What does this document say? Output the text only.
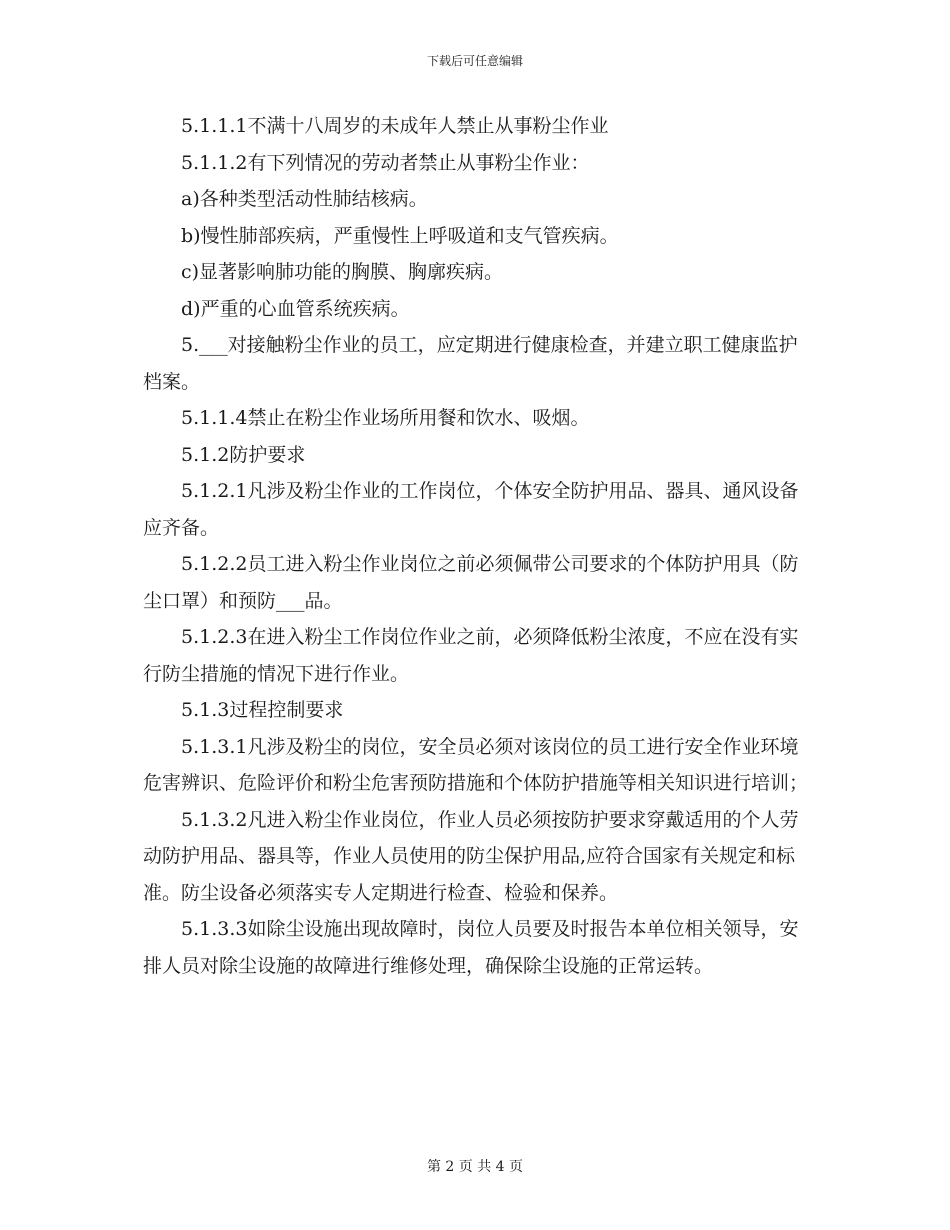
下载后可任意编辑

5.1.1.1不满十八周岁的未成年人禁止从事粉尘作业

5.1.1.2有下列情况的劳动者禁止从事粉尘作业：

a)各种类型活动性肺结核病。

b)慢性肺部疾病，严重慢性上呼吸道和支气管疾病。

c)显著影响肺功能的胸膜、胸廓疾病。

d)严重的心血管系统疾病。

5.___对接触粉尘作业的员工，应定期进行健康检查，并建立职工健康监护档案。

5.1.1.4禁止在粉尘作业场所用餐和饮水、吸烟。

5.1.2防护要求

5.1.2.1凡涉及粉尘作业的工作岗位，个体安全防护用品、器具、通风设备应齐备。

5.1.2.2员工进入粉尘作业岗位之前必须佩带公司要求的个体防护用具（防尘口罩）和预防___品。

5.1.2.3在进入粉尘工作岗位作业之前，必须降低粉尘浓度，不应在没有实行防尘措施的情况下进行作业。

5.1.3过程控制要求

5.1.3.1凡涉及粉尘的岗位，安全员必须对该岗位的员工进行安全作业环境危害辨识、危险评价和粉尘危害预防措施和个体防护措施等相关知识进行培训；

5.1.3.2凡进入粉尘作业岗位，作业人员必须按防护要求穿戴适用的个人劳动防护用品、器具等，作业人员使用的防尘保护用品,应符合国家有关规定和标准。防尘设备必须落实专人定期进行检查、检验和保养。

5.1.3.3如除尘设施出现故障时，岗位人员要及时报告本单位相关领导，安排人员对除尘设施的故障进行维修处理，确保除尘设施的正常运转。

第 2 页 共 4 页
